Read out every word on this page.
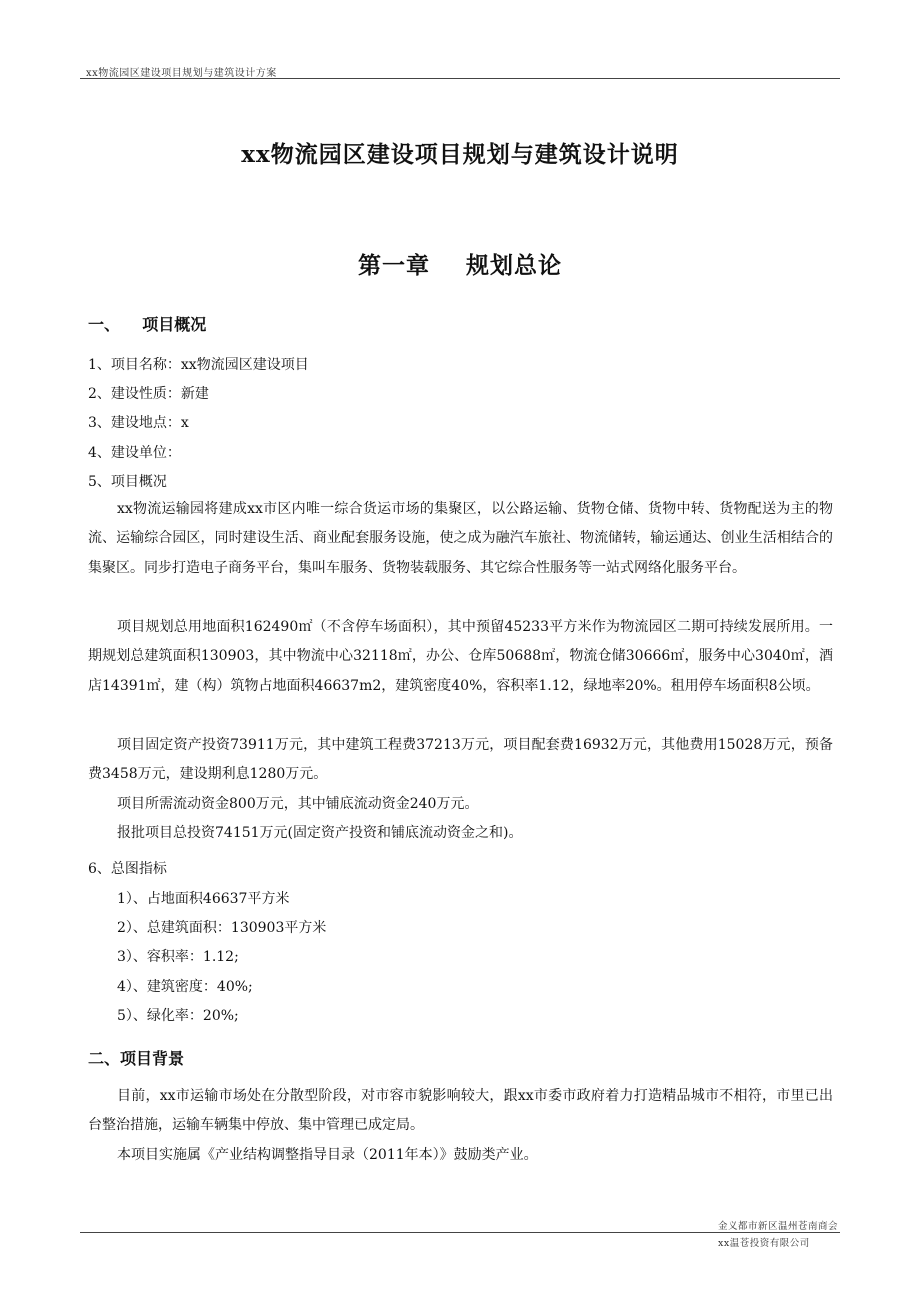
xx物流园区建设项目规划与建筑设计方案
xx物流园区建设项目规划与建筑设计说明
第一章    规划总论
一、    项目概况
1、项目名称：xx物流园区建设项目
2、建设性质：新建
3、建设地点：x
4、建设单位：
5、项目概况
xx物流运输园将建成xx市区内唯一综合货运市场的集聚区，以公路运输、货物仓储、货物中转、货物配送为主的物流、运输综合园区，同时建设生活、商业配套服务设施，使之成为融汽车旅社、物流储转，输运通达、创业生活相结合的集聚区。同步打造电子商务平台，集叫车服务、货物装载服务、其它综合性服务等一站式网络化服务平台。
项目规划总用地面积162490㎡（不含停车场面积），其中预留45233平方米作为物流园区二期可持续发展所用。一期规划总建筑面积130903，其中物流中心32118㎡，办公、仓库50688㎡，物流仓储30666㎡，服务中心3040㎡，酒店14391㎡，建（构）筑物占地面积46637m2，建筑密度40%，容积率1.12，绿地率20%。租用停车场面积8公顷。
项目固定资产投资73911万元，其中建筑工程费37213万元，项目配套费16932万元，其他费用15028万元，预备费3458万元，建设期利息1280万元。
项目所需流动资金800万元，其中铺底流动资金240万元。
报批项目总投资74151万元(固定资产投资和铺底流动资金之和)。
6、总图指标
1）、占地面积46637平方米
2）、总建筑面积：130903平方米
3）、容积率：1.12;
4）、建筑密度：40%;
5）、绿化率：20%;
二、项目背景
目前，xx市运输市场处在分散型阶段，对市容市貌影响较大，跟xx市委市政府着力打造精品城市不相符，市里已出台整治措施，运输车辆集中停放、集中管理已成定局。
本项目实施属《产业结构调整指导目录（2011年本）》鼓励类产业。
金义都市新区温州苍南商会
xx温苍投资有限公司
